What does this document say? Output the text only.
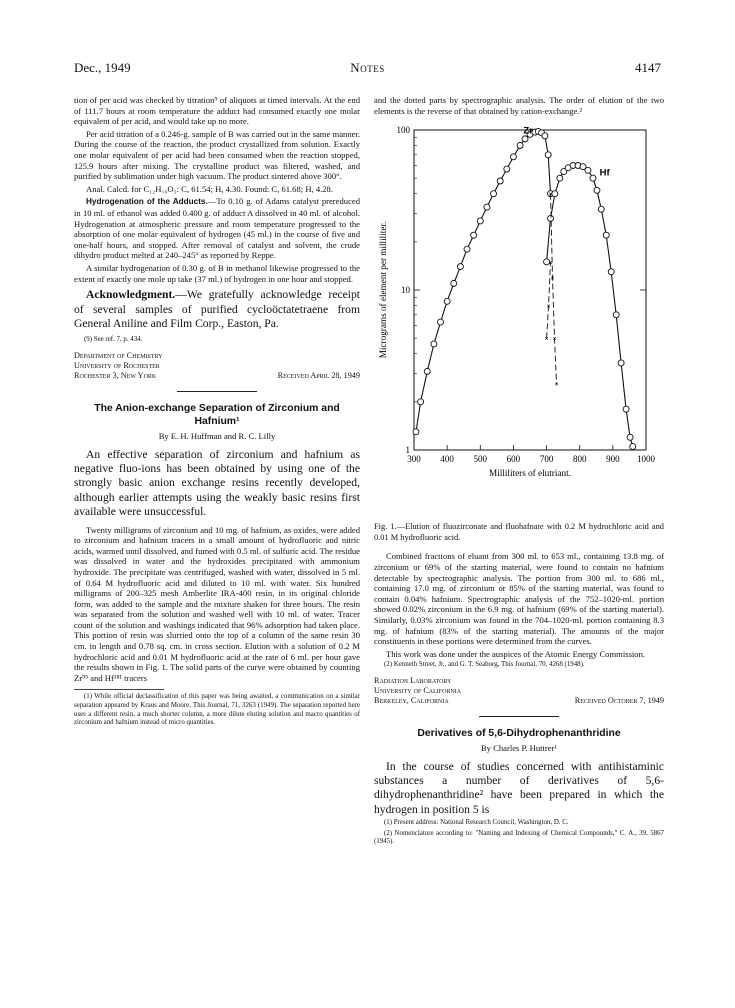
Dec., 1949	Notes	4147

tion of per acid was checked by titration⁹ of aliquots at timed intervals. At the end of 111.7 hours at room temperature the adduct had consumed exactly one molar equivalent of per acid, and would take up no more.

Per acid titration of a 0.246-g. sample of B was carried out in the same manner. During the course of the reaction, the product crystallized from solution. Exactly one molar equivalent of per acid had been consumed when the reaction stopped, 125.9 hours after mixing. The crystalline product was filtered, washed, and purified by sublimation under high vacuum. The product sintered above 300°.

Anal. Calcd. for C₁₂H₁₀O₅: C, 61.54; H, 4.30. Found: C, 61.68; H, 4.28.

Hydrogenation of the Adducts.—To 0.10 g. of Adams catalyst prereduced in 10 ml. of ethanol was added 0.400 g. of adduct A dissolved in 40 ml. of alcohol. Hydrogenation at atmospheric pressure and room temperature progressed to the absorption of one molar equivalent of hydrogen (45 ml.) in the course of five and one-half hours, and stopped. After removal of catalyst and solvent, the crude dihydro product melted at 240–245° as reported by Reppe.

A similar hydrogenation of 0.30 g. of B in methanol likewise progressed to the extent of exactly one mole up take (37 ml.) of hydrogen in one hour and stopped.

Acknowledgment.—We gratefully acknowledge receipt of several samples of purified cycloöctatetraene from General Aniline and Film Corp., Easton, Pa.

(9) See ref. 7, p. 434.

Department of Chemistry
University of Rochester
Rochester 3, New York	Received April 28, 1949
The Anion-exchange Separation of Zirconium and Hafnium¹
By E. H. Huffman and R. C. Lilly

An effective separation of zirconium and hafnium as negative fluo-ions has been obtained by using one of the strongly basic anion exchange resins recently developed, although earlier attempts using the weakly basic resins first available were unsuccessful.

Twenty milligrams of zirconium and 10 mg. of hafnium, as oxides, were added to zirconium and hafnium tracers in a small amount of hydrofluoric and nitric acids, warmed until dissolved, and fumed with 0.5 ml. of sulfuric acid. The residue was dissolved in water and the hydroxides precipitated with ammonium hydroxide. The precipitate was centrifuged, washed with water, dissolved in 5 ml. of 0.64 M hydrofluoric acid and diluted to 10 ml. with water. Six hundred milligrams of 200–325 mesh Amberlite IRA-400 resin, in its original chloride form, was added to the sample and the mixture shaken for three hours. The resin was separated from the solution and washed well with 10 ml. of water. Tracer count of the solution and washings indicated that 96% adsorption had taken place. This portion of resin was slurried onto the top of a column of the same resin 30 cm. in length and 0.78 sq. cm. in cross section. Elution with a solution of 0.2 M hydrochloric acid and 0.01 M hydrofluoric acid at the rate of 6 ml. per hour gave the results shown in Fig. 1. The solid parts of the curve were obtained by counting Zr⁹⁵ and Hf¹⁸¹ tracers

(1) While official declassification of this paper was being awaited, a communication on a similar separation appeared by Kraus and Moore, This Journal, 71, 3263 (1949). The separation reported here uses a different resin, a much shorter column, a more dilute eluting solution and macro quantities of zirconium and hafnium instead of micro quantities.

and the dotted parts by spectrographic analysis. The order of elution of the two elements is the reverse of that obtained by cation-exchange.²

300 400 500 600 700 800 900 1000
1
10
100
Milliliters of elutriant.
Micrograms of element per milliliter.
×
×
×
×
×
×
×
Zr
Hf

Fig. 1.—Elution of fluozirconate and fluohafnate with 0.2 M hydrochloric acid and 0.01 M hydrofluoric acid.

Combined fractions of eluant from 300 ml. to 653 ml., containing 13.8 mg. of zirconium or 69% of the starting material, were found to contain no hafnium detectable by spectrographic analysis. The portion from 300 ml. to 686 ml., containing 17.0 mg. of zirconium or 85% of the starting material, was found to contain 0.04% hafnium. Spectrographic analysis of the 752–1020-ml. portion showed 0.02% zirconium in the 6.9 mg. of hafnium (69% of the starting material). Similarly, 0.03% zirconium was found in the 704–1020-ml. portion containing 8.3 mg. of hafnium (83% of the starting material). The amounts of the major constituents in these portions were determined from the curves.

This work was done under the auspices of the Atomic Energy Commission.

(2) Kenneth Street, Jr., and G. T. Seaborg, This Journal, 70, 4268 (1948).

Radiation Laboratory
University of California
Berkeley, California	Received October 7, 1949
Derivatives of 5,6-Dihydrophenanthridine
By Charles P. Huttrer¹

In the course of studies concerned with antihistaminic substances a number of derivatives of 5,6-dihydrophenanthridine² have been prepared in which the hydrogen in position 5 is

(1) Present address: National Research Council, Washington, D. C.

(2) Nomenclature according to: "Naming and Indexing of Chemical Compounds," C. A., 39, 5867 (1945).
